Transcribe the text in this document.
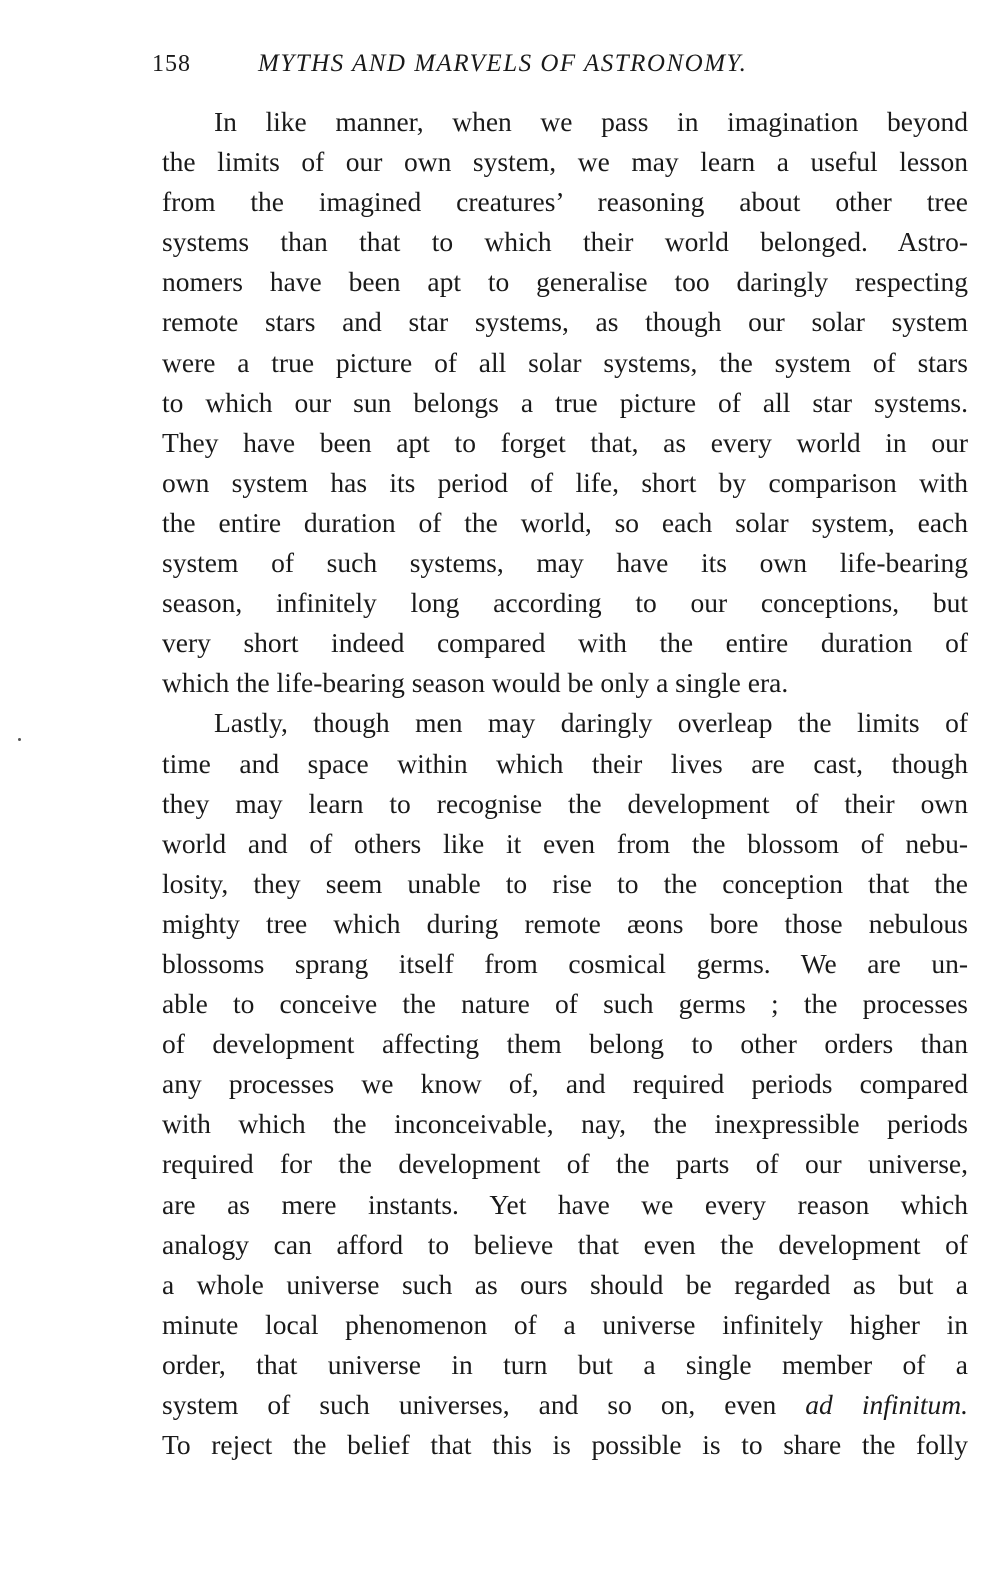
158	MYTHS AND MARVELS OF ASTRONOMY.
In like manner, when we pass in imagination beyond
the limits of our own system, we may learn a useful lesson
from the imagined creatures’ reasoning about other tree
systems than that to which their world belonged. Astro-
nomers have been apt to generalise too daringly respecting
remote stars and star systems, as though our solar system
were a true picture of all solar systems, the system of stars
to which our sun belongs a true picture of all star systems.
They have been apt to forget that, as every world in our
own system has its period of life, short by comparison with
the entire duration of the world, so each solar system, each
system of such systems, may have its own life-bearing
season, infinitely long according to our conceptions, but
very short indeed compared with the entire duration of
which the life-bearing season would be only a single era.
Lastly, though men may daringly overleap the limits of
time and space within which their lives are cast, though
they may learn to recognise the development of their own
world and of others like it even from the blossom of nebu-
losity, they seem unable to rise to the conception that the
mighty tree which during remote æons bore those nebulous
blossoms sprang itself from cosmical germs. We are un-
able to conceive the nature of such germs ; the processes
of development affecting them belong to other orders than
any processes we know of, and required periods compared
with which the inconceivable, nay, the inexpressible periods
required for the development of the parts of our universe,
are as mere instants. Yet have we every reason which
analogy can afford to believe that even the development of
a whole universe such as ours should be regarded as but a
minute local phenomenon of a universe infinitely higher in
order, that universe in turn but a single member of a
system of such universes, and so on, even ad infinitum.
To reject the belief that this is possible is to share the folly
